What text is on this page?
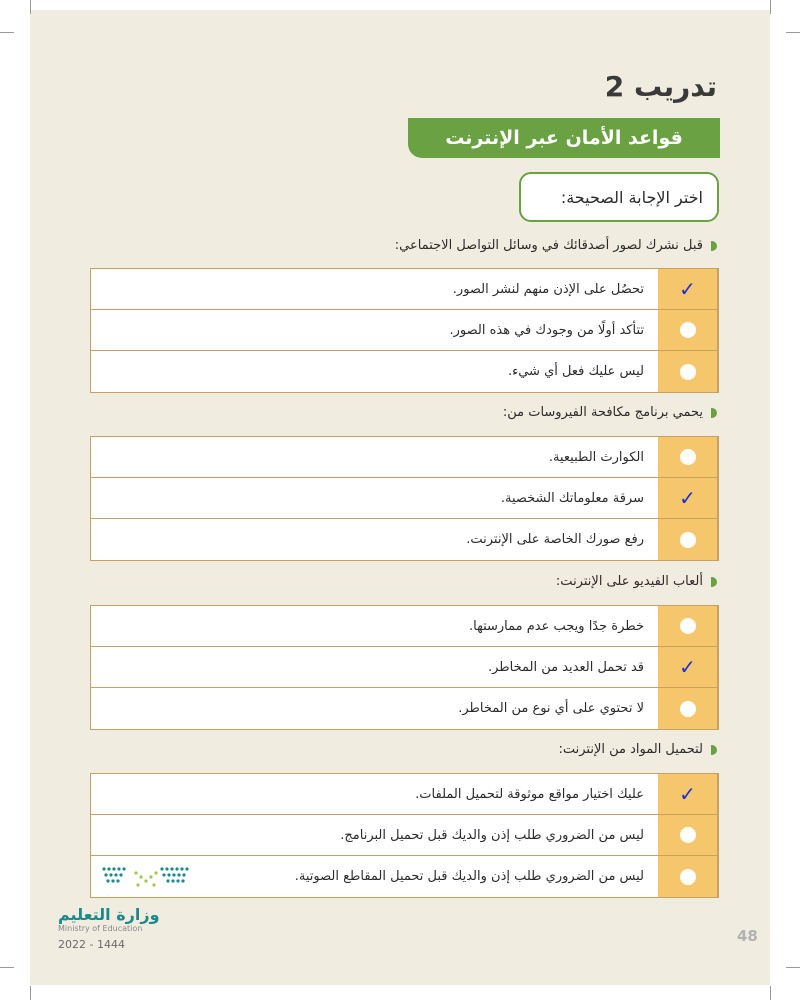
تدريب 2
قواعد الأمان عبر الإنترنت
اختر الإجابة الصحيحة:
قبل نشرك لصور أصدقائك في وسائل التواصل الاجتماعي:
تحصُل على الإذن منهم لنشر الصور.	✓
تتأكد أولًا من وجودك في هذه الصور.
ليس عليك فعل أي شيء.
يحمي برنامج مكافحة الفيروسات من:
الكوارث الطبيعية.
سرقة معلوماتك الشخصية.	✓
رفع صورك الخاصة على الإنترنت.
ألعاب الفيديو على الإنترنت:
خطرة جدًا ويجب عدم ممارستها.
قد تحمل العديد من المخاطر.	✓
لا تحتوي على أي نوع من المخاطر.
لتحميل المواد من الإنترنت:
عليك اختيار مواقع موثوقة لتحميل الملفات.	✓
ليس من الضروري طلب إذن والديك قبل تحميل البرنامج.
ليس من الضروري طلب إذن والديك قبل تحميل المقاطع الصوتية.
وزارة التعليم
Ministry of Education
2022 - 1444	48
